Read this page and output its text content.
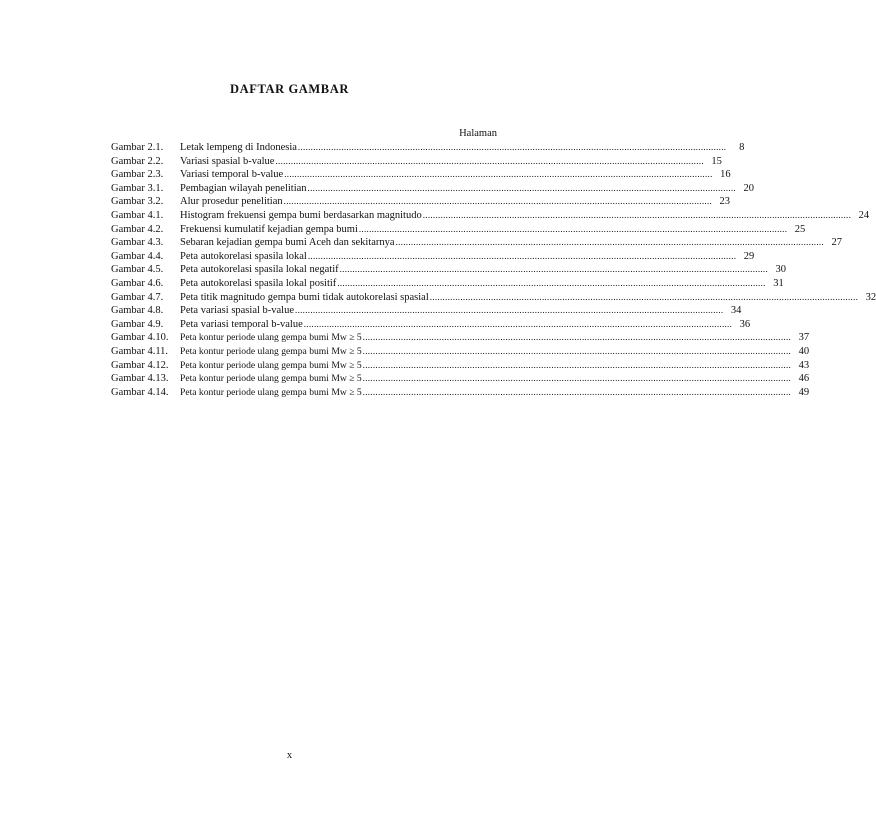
DAFTAR GAMBAR
Halaman
Gambar 2.1.	Letak lempeng di Indonesia .....	8
Gambar 2.2.	Variasi spasial b-value .....	15
Gambar 2.3.	Variasi temporal b-value .....	16
Gambar 3.1.	Pembagian wilayah penelitian .....	20
Gambar 3.2.	Alur prosedur penelitian .....	23
Gambar 4.1.	Histogram frekuensi gempa bumi berdasarkan magnitudo .....	24
Gambar 4.2.	Frekuensi kumulatif kejadian gempa bumi .....	25
Gambar 4.3.	Sebaran kejadian gempa bumi Aceh dan sekitarnya .....	27
Gambar 4.4.	Peta autokorelasi spasila lokal .....	29
Gambar 4.5.	Peta autokorelasi spasila lokal negatif .....	30
Gambar 4.6.	Peta autokorelasi spasila lokal positif .....	31
Gambar 4.7.	Peta titik magnitudo gempa bumi tidak autokorelasi spasial .....	32
Gambar 4.8.	Peta variasi spasial b-value .....	34
Gambar 4.9.	Peta variasi temporal b-value .....	36
Gambar 4.10.	Peta kontur periode ulang gempa bumi Mw ≥ 5 .....	37
Gambar 4.11.	Peta kontur periode ulang gempa bumi Mw ≥ 5 .....	40
Gambar 4.12.	Peta kontur periode ulang gempa bumi Mw ≥ 5 .....	43
Gambar 4.13.	Peta kontur periode ulang gempa bumi Mw ≥ 5 .....	46
Gambar 4.14.	Peta kontur periode ulang gempa bumi Mw ≥ 5 .....	49
x
